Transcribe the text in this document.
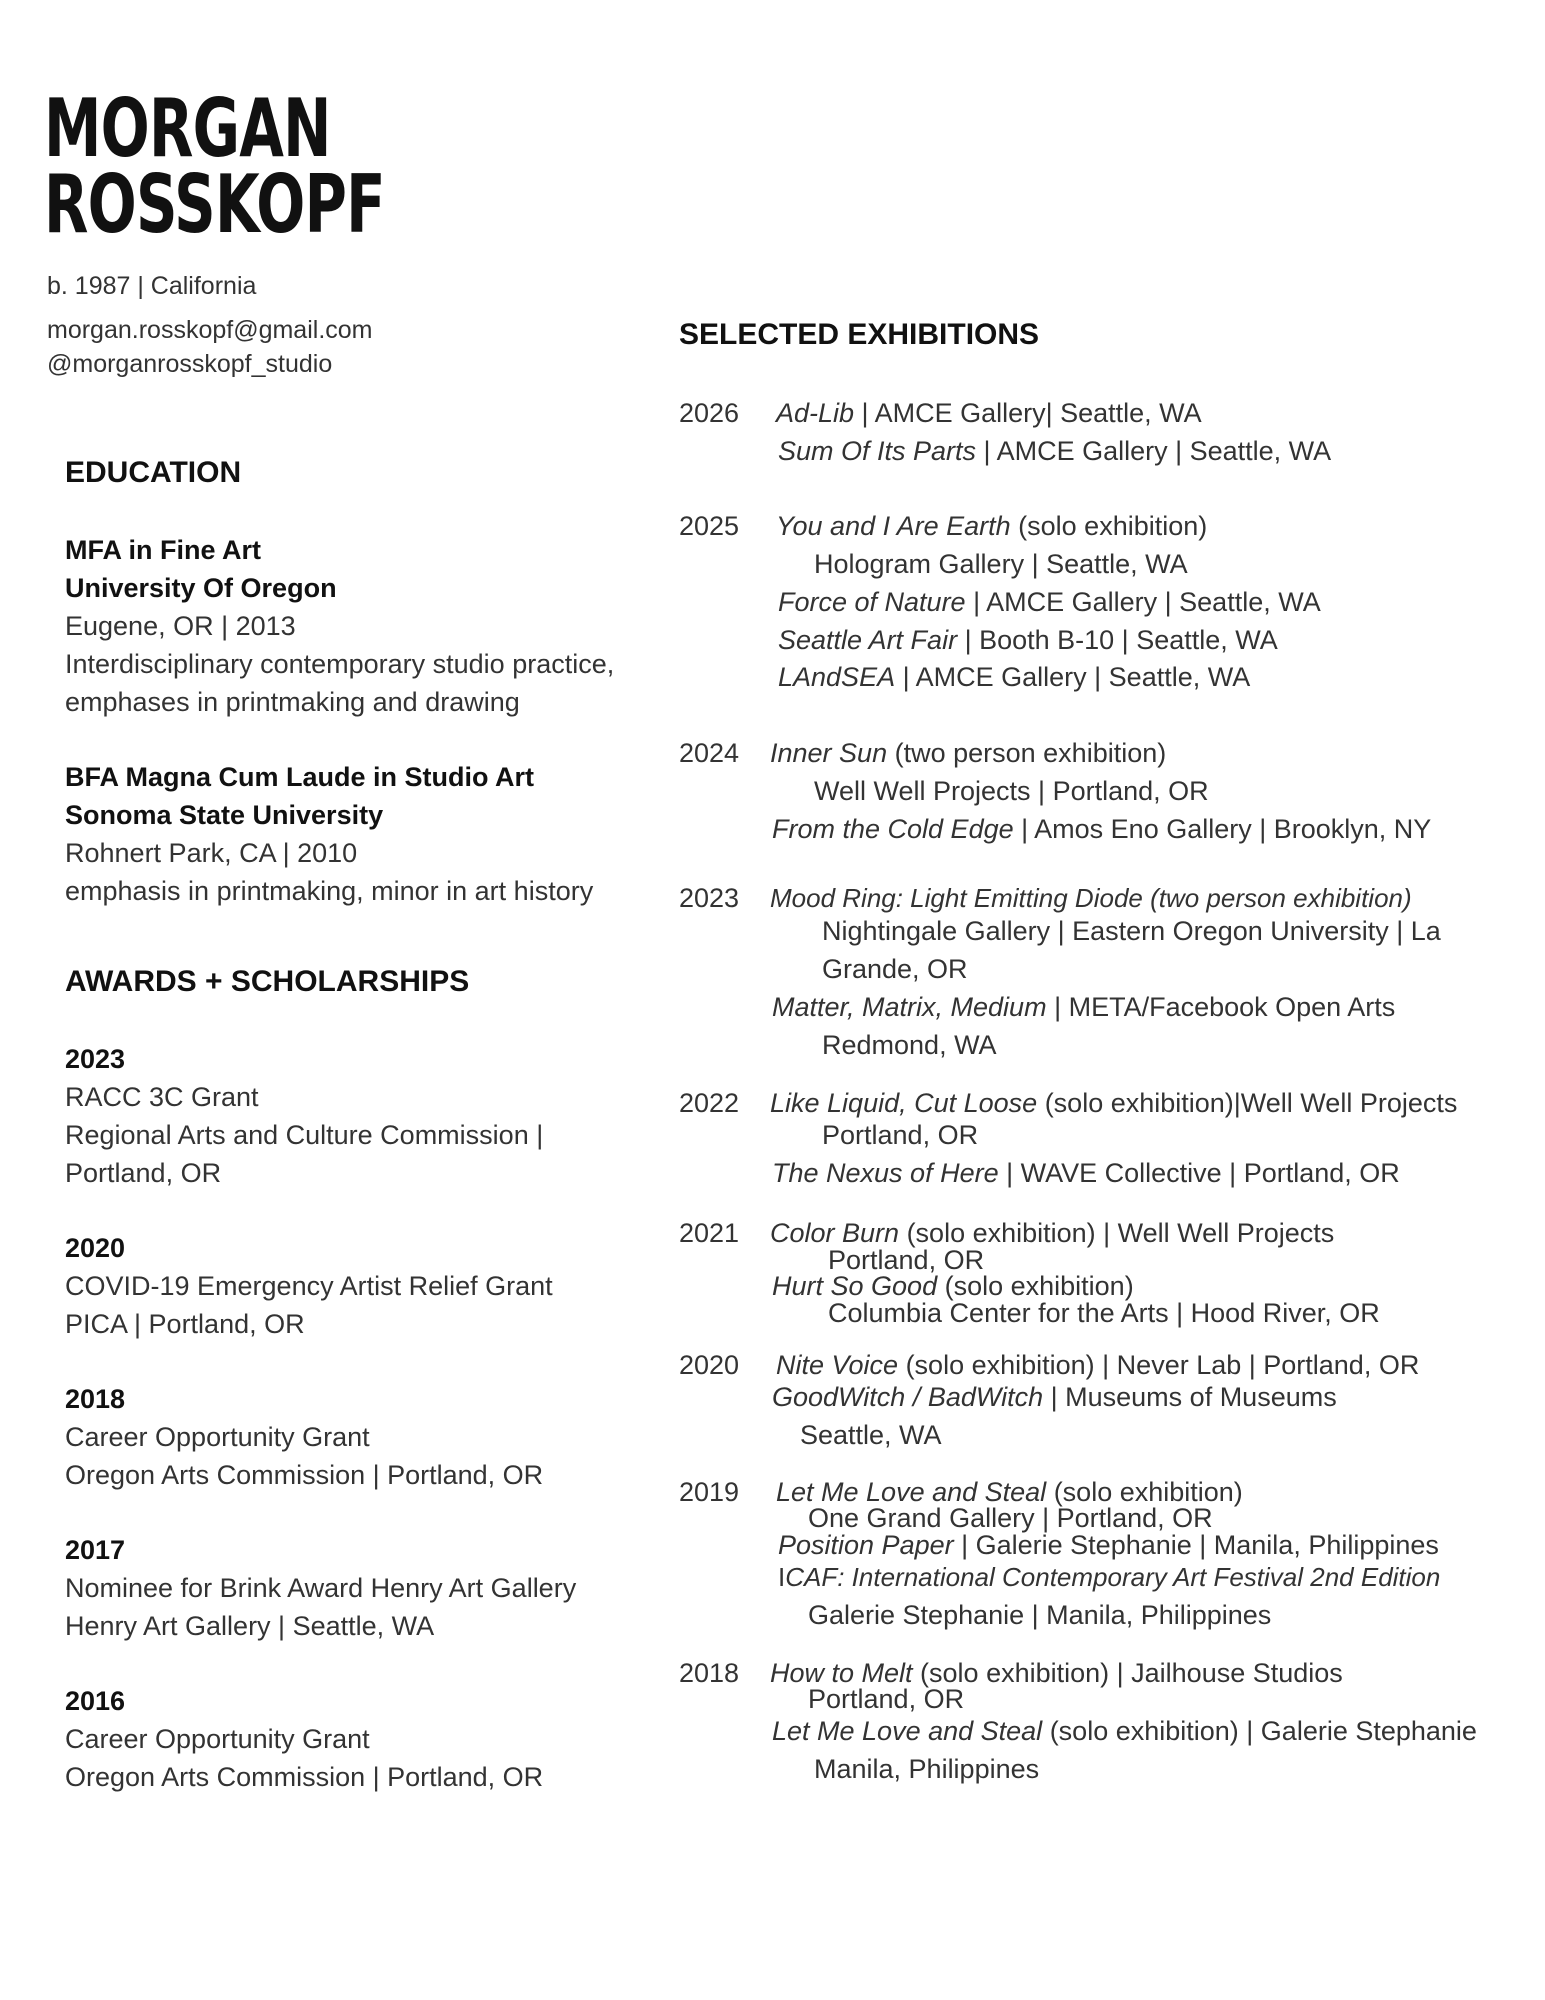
MORGAN
ROSSKOPF
b. 1987 | California
morgan.rosskopf@gmail.com
@morganrosskopf_studio
EDUCATION
MFA in Fine Art
University Of Oregon
Eugene, OR | 2013
Interdisciplinary contemporary studio practice,
emphases in printmaking and drawing
BFA Magna Cum Laude in Studio Art
Sonoma State University
Rohnert Park, CA | 2010
emphasis in printmaking, minor in art history
AWARDS + SCHOLARSHIPS
2023
RACC 3C Grant
Regional Arts and Culture Commission |
Portland, OR
2020
COVID-19 Emergency Artist Relief Grant
PICA | Portland, OR
2018
Career Opportunity Grant
Oregon Arts Commission | Portland, OR
2017
Nominee for Brink Award Henry Art Gallery
Henry Art Gallery | Seattle, WA
2016
Career Opportunity Grant
Oregon Arts Commission | Portland, OR
SELECTED EXHIBITIONS
2026 Ad-Lib | AMCE Gallery| Seattle, WA
Sum Of Its Parts | AMCE Gallery | Seattle, WA
2025 You and I Are Earth (solo exhibition)
Hologram Gallery | Seattle, WA
Force of Nature | AMCE Gallery | Seattle, WA
Seattle Art Fair | Booth B-10 | Seattle, WA
LAndSEA | AMCE Gallery | Seattle, WA
2024 Inner Sun (two person exhibition)
Well Well Projects | Portland, OR
From the Cold Edge | Amos Eno Gallery | Brooklyn, NY
2023 Mood Ring: Light Emitting Diode (two person exhibition)
Nightingale Gallery | Eastern Oregon University | La
Grande, OR
Matter, Matrix, Medium | META/Facebook Open Arts
Redmond, WA
2022 Like Liquid, Cut Loose (solo exhibition)|Well Well Projects
Portland, OR
The Nexus of Here | WAVE Collective | Portland, OR
2021 Color Burn (solo exhibition) | Well Well Projects
Portland, OR
Hurt So Good (solo exhibition)
Columbia Center for the Arts | Hood River, OR
2020 Nite Voice (solo exhibition) | Never Lab | Portland, OR
GoodWitch / BadWitch | Museums of Museums
Seattle, WA
2019 Let Me Love and Steal (solo exhibition)
One Grand Gallery | Portland, OR
Position Paper | Galerie Stephanie | Manila, Philippines
ICAF: International Contemporary Art Festival 2nd Edition
Galerie Stephanie | Manila, Philippines
2018 How to Melt (solo exhibition) | Jailhouse Studios
Portland, OR
Let Me Love and Steal (solo exhibition) | Galerie Stephanie
Manila, Philippines
